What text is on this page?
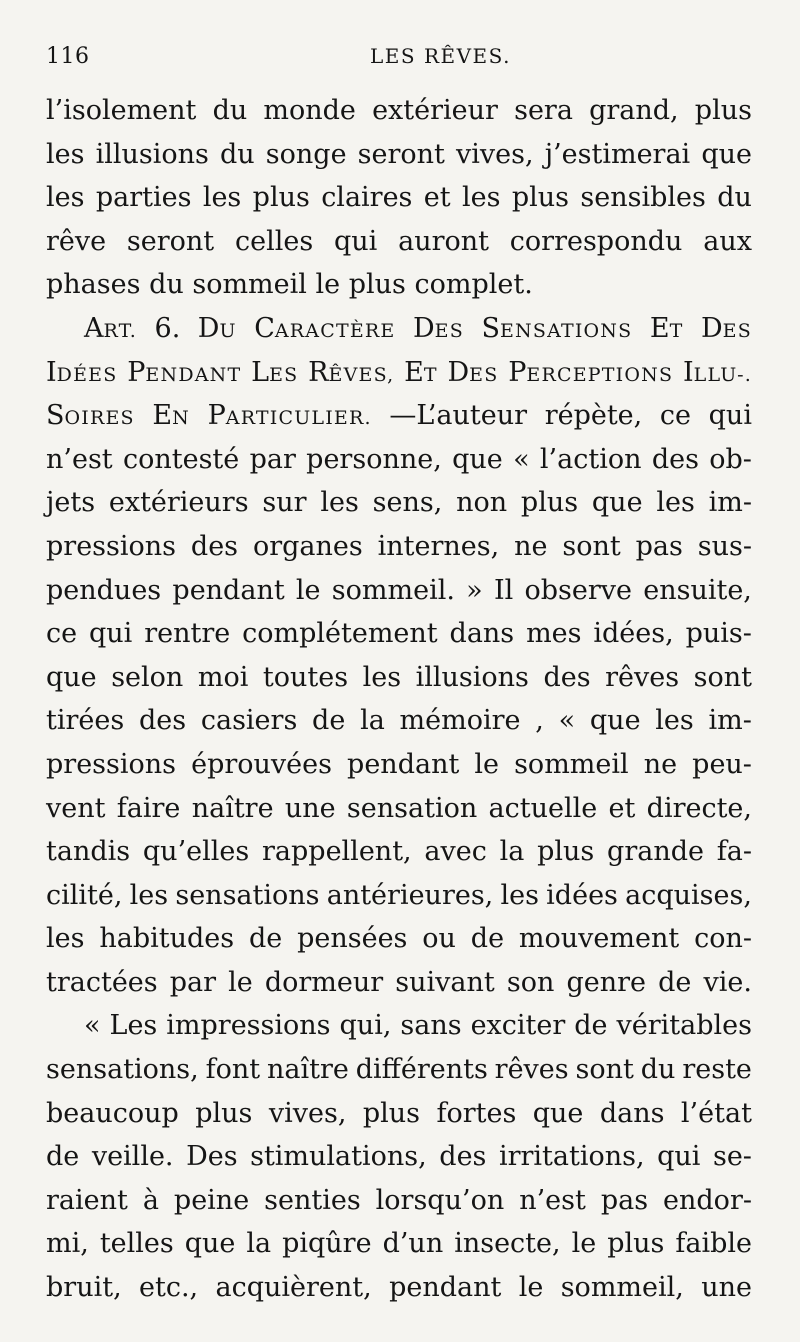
116	LES RÊVES.
l’isolement du monde extérieur sera grand, plus
les illusions du songe seront vives, j’estimerai que
les parties les plus claires et les plus sensibles du
rêve seront celles qui auront correspondu aux
phases
du
sommeil
le
plus
complet.

ART. 6. DU CARACTÈRE DES SENSATIONS ET DES
IDÉES PENDANT LES RÊVES, ET DES PERCEPTIONS ILLU-.
SOIRES EN PARTICULIER. —L’auteur répète, ce qui
n’est contesté par personne, que « l’action des ob-
jets extérieurs sur les sens, non plus que les im-
pressions des organes internes, ne sont pas sus-
pendues pendant le sommeil. » Il observe ensuite,
ce qui rentre complétement dans mes idées, puis-
que selon moi toutes les illusions des rêves sont
tirées des casiers de la mémoire , « que les im-
pressions éprouvées pendant le sommeil ne peu-
vent faire naître une sensation actuelle et directe,
tandis qu’elles rappellent, avec la plus grande fa-
cilité, les sensations antérieures, les idées acquises,
les habitudes de pensées ou de mouvement con-
tractées par le dormeur suivant son genre de vie.
« Les impressions qui, sans exciter de véritables
sensations, font naître différents rêves sont du reste
beaucoup plus vives, plus fortes que dans l’état
de veille. Des stimulations, des irritations, qui se-
raient à peine senties lorsqu’on n’est pas endor-
mi, telles que la piqûre d’un insecte, le plus faible
bruit, etc., acquièrent, pendant le sommeil, une
